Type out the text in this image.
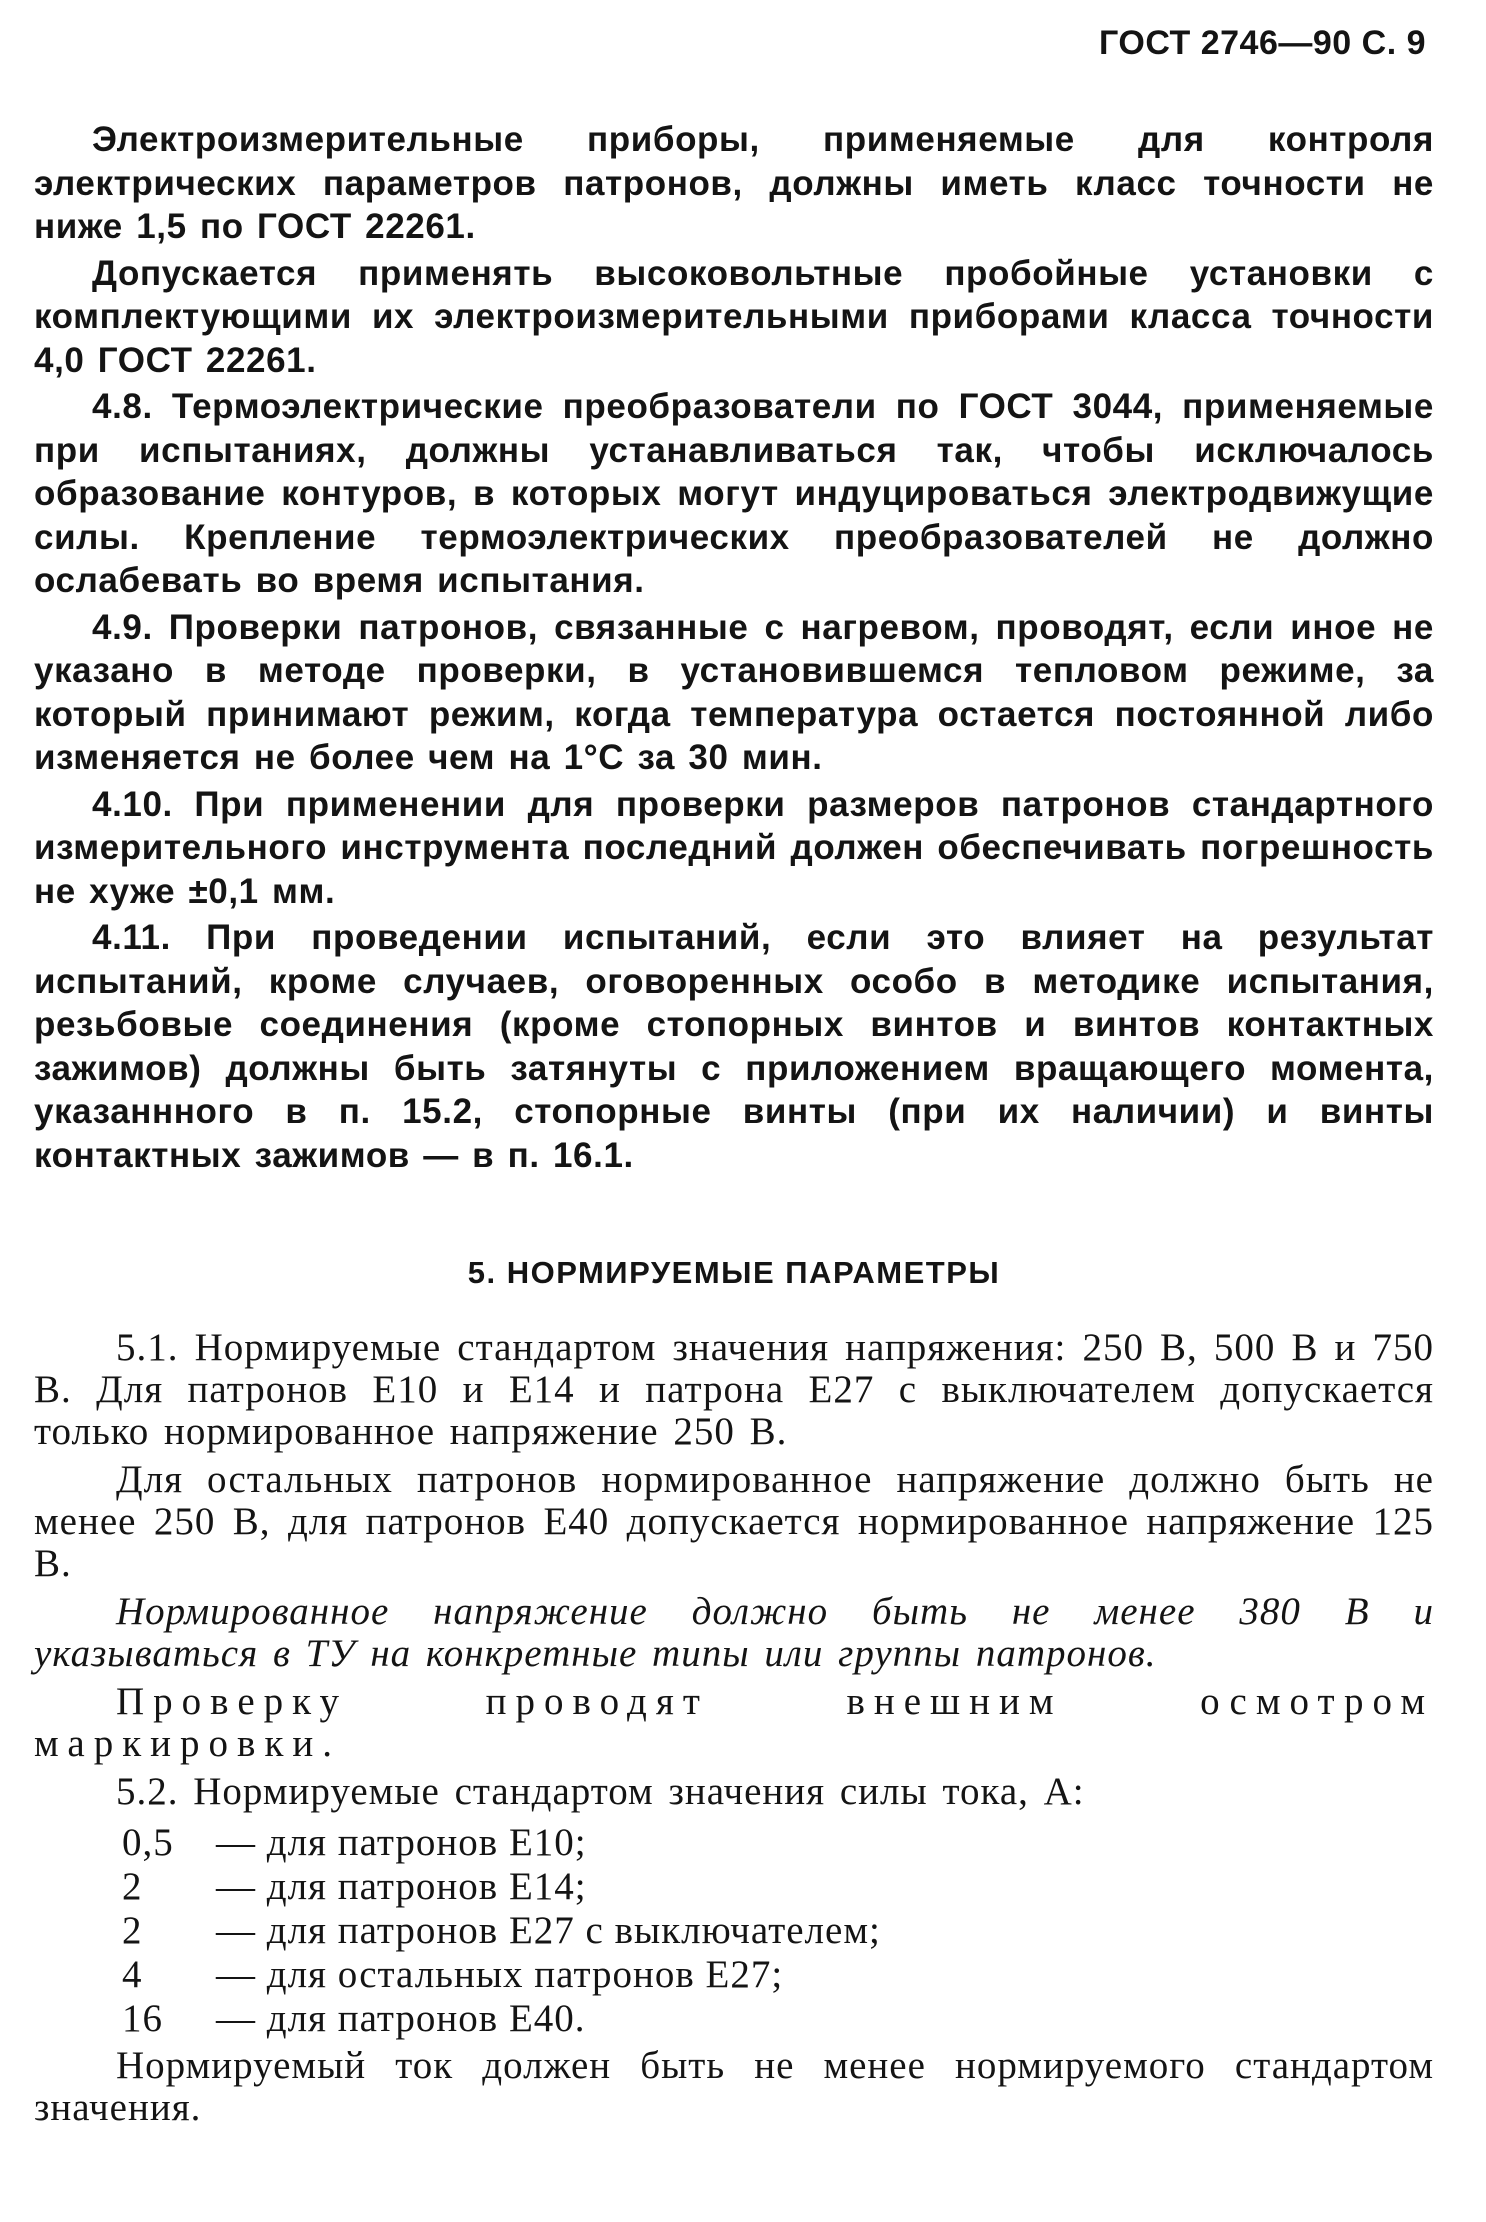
ГОСТ 2746—90 С. 9

Электроизмерительные приборы, применяемые для контроля электрических параметров патронов, должны иметь класс точности не ниже 1,5 по ГОСТ 22261.

Допускается применять высоковольтные пробойные установки с комплектующими их электроизмерительными приборами класса точности 4,0 ГОСТ 22261.

4.8. Термоэлектрические преобразователи по ГОСТ 3044, применяемые при испытаниях, должны устанавливаться так, чтобы исключалось образование контуров, в которых могут индуцироваться электродвижущие силы. Крепление термоэлектрических преобразователей не должно ослабевать во время испытания.

4.9. Проверки патронов, связанные с нагревом, проводят, если иное не указано в методе проверки, в установившемся тепловом режиме, за который принимают режим, когда температура остается постоянной либо изменяется не более чем на 1°С за 30 мин.

4.10. При применении для проверки размеров патронов стандартного измерительного инструмента последний должен обеспечивать погрешность не хуже ±0,1 мм.

4.11. При проведении испытаний, если это влияет на результат испытаний, кроме случаев, оговоренных особо в методике испытания, резьбовые соединения (кроме стопорных винтов и винтов контактных зажимов) должны быть затянуты с приложением вращающего момента, указаннного в п. 15.2, стопорные винты (при их наличии) и винты контактных зажимов — в п. 16.1.

5. НОРМИРУЕМЫЕ ПАРАМЕТРЫ

5.1. Нормируемые стандартом значения напряжения: 250 В, 500 В и 750 В. Для патронов Е10 и Е14 и патрона Е27 с выключателем допускается только нормированное напряжение 250 В.

Для остальных патронов нормированное напряжение должно быть не менее 250 В, для патронов Е40 допускается нормированное напряжение 125 В.

Нормированное напряжение должно быть не менее 380 В и указываться в ТУ на конкретные типы или группы патронов.

Проверку проводят внешним осмотром маркировки.

5.2. Нормируемые стандартом значения силы тока, А:

0,5	— для патронов Е10;
2	— для патронов Е14;
2	— для патронов Е27 с выключателем;
4	— для остальных патронов Е27;
16	— для патронов Е40.

Нормируемый ток должен быть не менее нормируемого стандартом значения.
